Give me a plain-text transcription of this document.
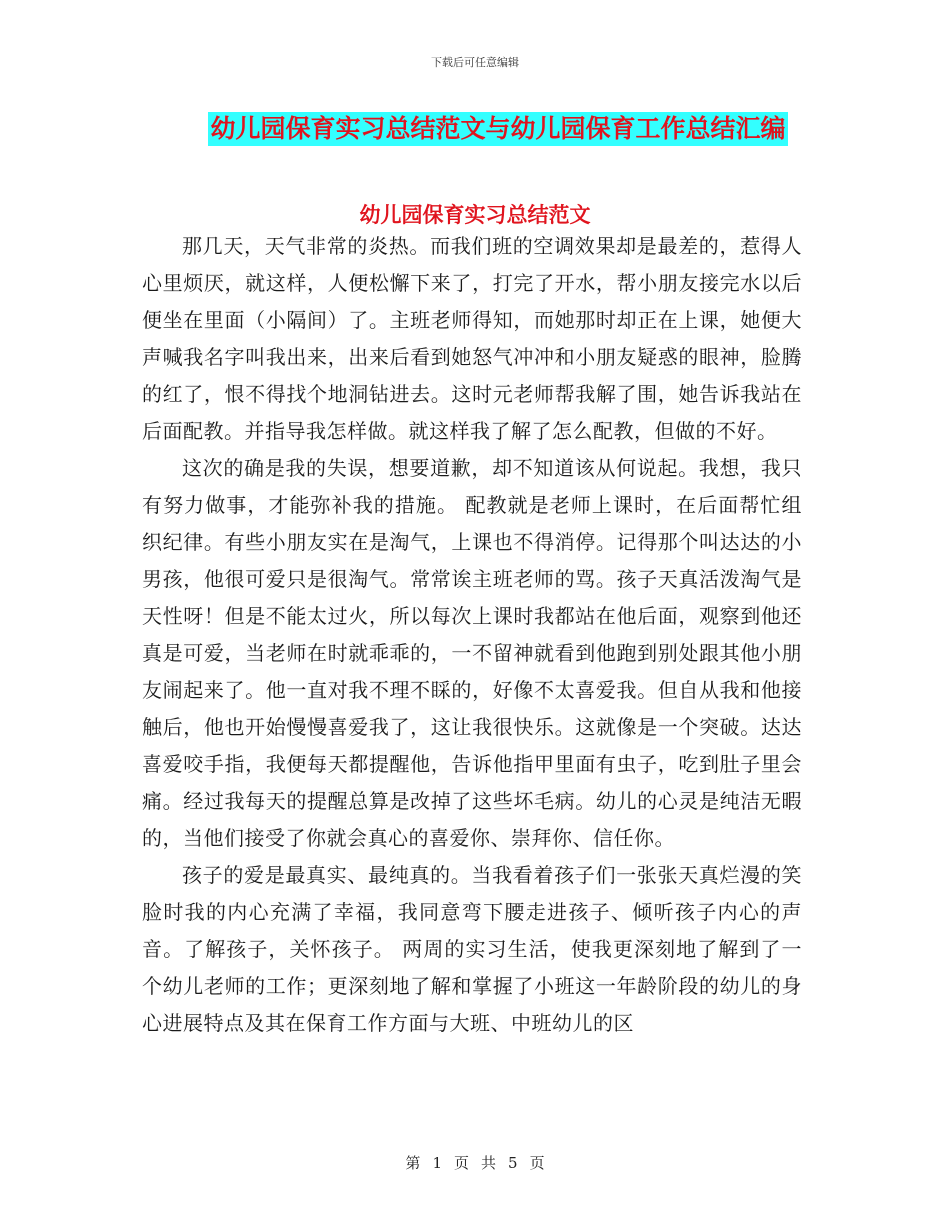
下载后可任意编辑
幼儿园保育实习总结范文与幼儿园保育工作总结汇编
幼儿园保育实习总结范文

那几天，天气非常的炎热。而我们班的空调效果却是最差的，惹得人心里烦厌，就这样，人便松懈下来了，打完了开水，帮小朋友接完水以后便坐在里面（小隔间）了。主班老师得知，而她那时却正在上课，她便大声喊我名字叫我出来，出来后看到她怒气冲冲和小朋友疑惑的眼神，脸腾的红了，恨不得找个地洞钻进去。这时元老师帮我解了围，她告诉我站在后面配教。并指导我怎样做。就这样我了解了怎么配教，但做的不好。

这次的确是我的失误，想要道歉，却不知道该从何说起。我想，我只有努力做事，才能弥补我的措施。 配教就是老师上课时，在后面帮忙组织纪律。有些小朋友实在是淘气，上课也不得消停。记得那个叫达达的小男孩，他很可爱只是很淘气。常常诶主班老师的骂。孩子天真活泼淘气是天性呀！但是不能太过火，所以每次上课时我都站在他后面，观察到他还真是可爱，当老师在时就乖乖的，一不留神就看到他跑到别处跟其他小朋友闹起来了。他一直对我不理不睬的，好像不太喜爱我。但自从我和他接触后，他也开始慢慢喜爱我了，这让我很快乐。这就像是一个突破。达达喜爱咬手指，我便每天都提醒他，告诉他指甲里面有虫子，吃到肚子里会痛。经过我每天的提醒总算是改掉了这些坏毛病。幼儿的心灵是纯洁无暇的，当他们接受了你就会真心的喜爱你、崇拜你、信任你。

孩子的爱是最真实、最纯真的。当我看着孩子们一张张天真烂漫的笑脸时我的内心充满了幸福，我同意弯下腰走进孩子、倾听孩子内心的声音。了解孩子，关怀孩子。 两周的实习生活，使我更深刻地了解到了一个幼儿老师的工作；更深刻地了解和掌握了小班这一年龄阶段的幼儿的身心进展特点及其在保育工作方面与大班、中班幼儿的区

第 1 页 共 5 页
